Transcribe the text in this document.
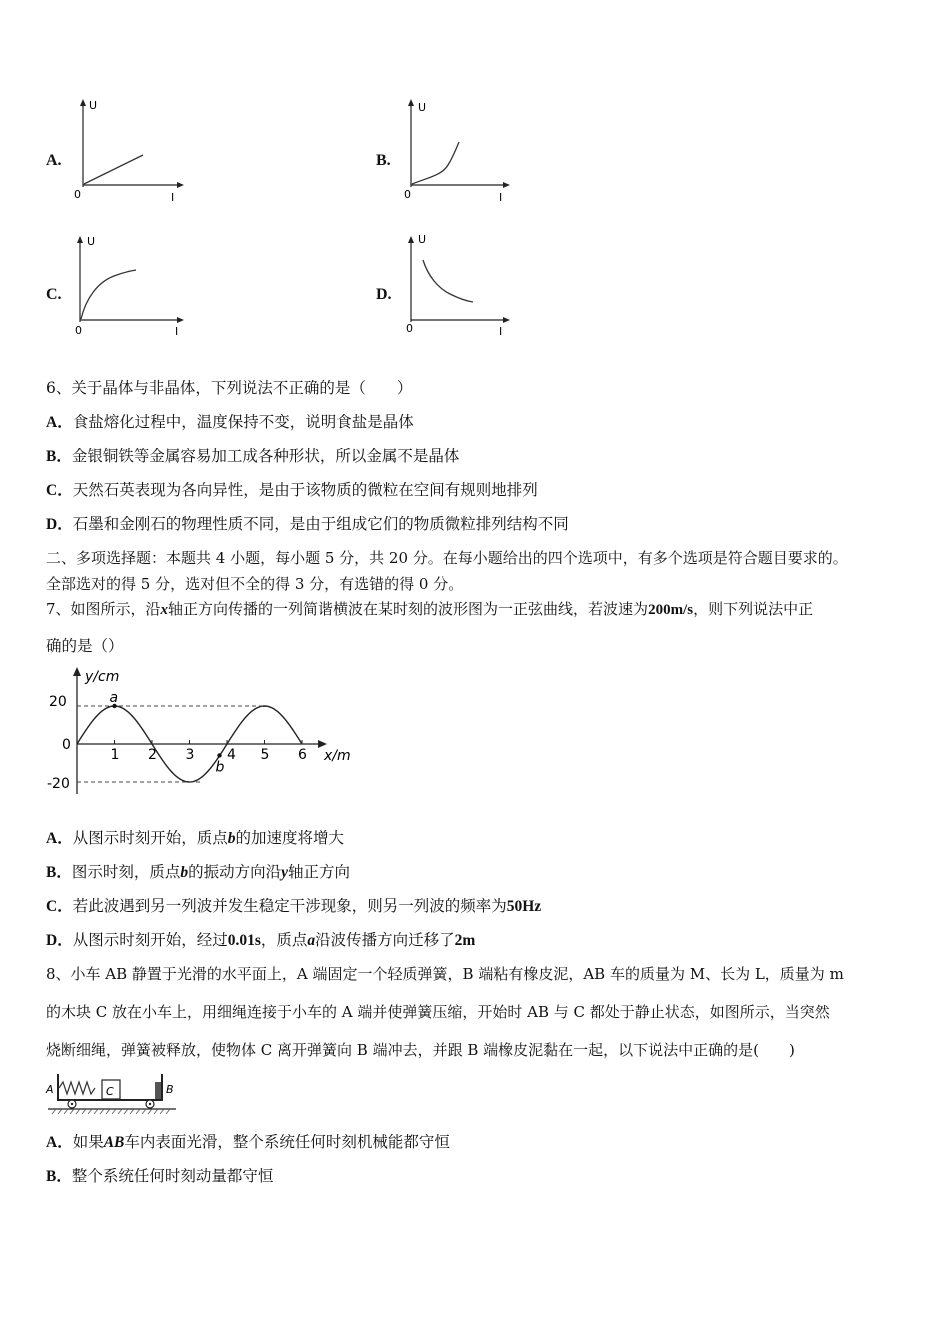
A.
U
0	I
B.
U
0	I
C.
U
0	I
D.
U
0	I
6、关于晶体与非晶体，下列说法不正确的是（　　）
A．食盐熔化过程中，温度保持不变，说明食盐是晶体
B．金银铜铁等金属容易加工成各种形状，所以金属不是晶体
C．天然石英表现为各向异性，是由于该物质的微粒在空间有规则地排列
D．石墨和金刚石的物理性质不同，是由于组成它们的物质微粒排列结构不同
二、多项选择题：本题共 4 小题，每小题 5 分，共 20 分。在每小题给出的四个选项中，有多个选项是符合题目要求的。
全部选对的得 5 分，选对但不全的得 3 分，有选错的得 0 分。
7、如图所示，沿x轴正方向传播的一列简谐横波在某时刻的波形图为一正弦曲线，若波速为200m/s，则下列说法中正
确的是（）
y/cm
x/m
20
0
-20
1 2 3 4 5 6
a
b
A．从图示时刻开始，质点b的加速度将增大
B．图示时刻，质点b的振动方向沿y轴正方向
C．若此波遇到另一列波并发生稳定干涉现象，则另一列波的频率为50Hz
D．从图示时刻开始，经过0.01s，质点a沿波传播方向迁移了2m
8、小车 AB 静置于光滑的水平面上，A 端固定一个轻质弹簧，B 端粘有橡皮泥，AB 车的质量为 M、长为 L，质量为 m
的木块 C 放在小车上，用细绳连接于小车的 A 端并使弹簧压缩，开始时 AB 与 C 都处于静止状态，如图所示，当突然
烧断细绳，弹簧被释放，使物体 C 离开弹簧向 B 端冲去，并跟 B 端橡皮泥黏在一起，以下说法中正确的是(　　)
C
A	B
A．如果AB车内表面光滑，整个系统任何时刻机械能都守恒
B．整个系统任何时刻动量都守恒
